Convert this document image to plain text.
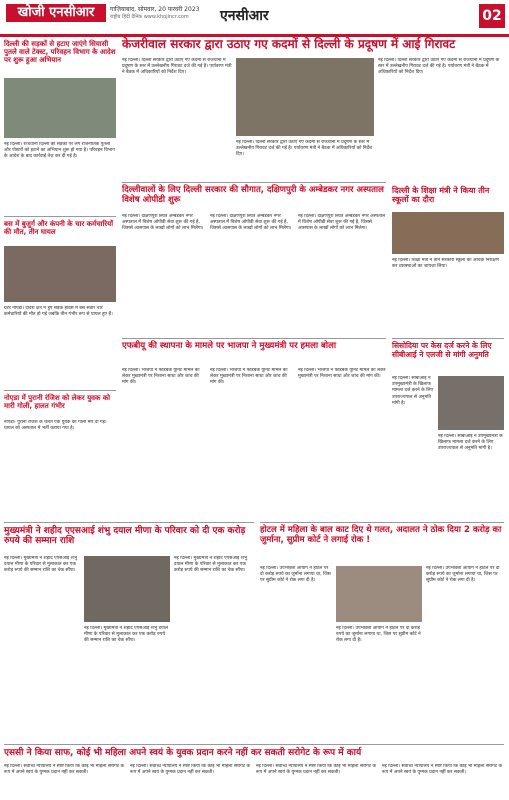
खोजी एनसीआर	गाज़ियाबाद, सोमवार, 20 फरवरी 2023
राष्ट्रीय हिंदी दैनिक www.khojincr.com एनसीआर	02
दिल्ली की सड़कों से हटाए जाएंगे सियासी पुतले वाले टेक्स्ट, परिवहन विभाग के आदेश पर शुरू हुआ अभियान
नई दिल्ली। राजधानी दिल्ली की सड़कों पर लगे राजनीतिक पुतलों और पोस्टरों को हटाने का अभियान शुरू हो गया है। परिवहन विभाग के आदेश के बाद कार्रवाई तेज़ कर दी गई है।
केजरीवाल सरकार द्वारा उठाए गए कदमों से दिल्ली के प्रदूषण में आई गिरावट
नई दिल्ली। दिल्ली सरकार द्वारा उठाए गए कदमों से राजधानी में प्रदूषण के स्तर में उल्लेखनीय गिरावट दर्ज की गई है। पर्यावरण मंत्री ने बैठक में अधिकारियों को निर्देश दिए।
नई दिल्ली। दिल्ली सरकार द्वारा उठाए गए कदमों से राजधानी में प्रदूषण के स्तर में उल्लेखनीय गिरावट दर्ज की गई है। पर्यावरण मंत्री ने बैठक में अधिकारियों को निर्देश दिए।
नई दिल्ली। दिल्ली सरकार द्वारा उठाए गए कदमों से राजधानी में प्रदूषण के स्तर में उल्लेखनीय गिरावट दर्ज की गई है। पर्यावरण मंत्री ने बैठक में अधिकारियों को निर्देश दिए।
बस में बुजुर्ग और कंपनी के चार कर्मचारियों की मौत, तीन घायल
ग्रेटर नोएडा। दादरी क्षेत्र में हुए सड़क हादसे में बस सवार चार कर्मचारियों की मौत हो गई जबकि तीन गंभीर रूप से घायल हुए हैं।
दिल्लीवालों के लिए दिल्ली सरकार की सौगात, दक्षिणपुरी के अम्बेडकर नगर अस्पताल विशेष ओपीडी शुरू
नई दिल्ली। दक्षिणपुरी स्थित अम्बेडकर नगर अस्पताल में विशेष ओपीडी सेवा शुरू की गई है, जिससे आसपास के लाखों लोगों को लाभ मिलेगा।
नई दिल्ली। दक्षिणपुरी स्थित अम्बेडकर नगर अस्पताल में विशेष ओपीडी सेवा शुरू की गई है, जिससे आसपास के लाखों लोगों को लाभ मिलेगा।
नई दिल्ली। दक्षिणपुरी स्थित अम्बेडकर नगर अस्पताल में विशेष ओपीडी सेवा शुरू की गई है, जिससे आसपास के लाखों लोगों को लाभ मिलेगा।
दिल्ली के शिक्षा मंत्री ने किया तीन स्कूलों का दौरा
नई दिल्ली। शिक्षा मंत्री ने तीन सरकारी स्कूलों का औचक निरीक्षण कर व्यवस्थाओं का जायज़ा लिया।
एफबीयू की स्थापना के मामले पर भाजपा ने मुख्यमंत्री पर हमला बोला
नई दिल्ली। भाजपा ने फीडबैक यूनिट मामले को लेकर मुख्यमंत्री पर निशाना साधा और जांच की मांग की।
नई दिल्ली। भाजपा ने फीडबैक यूनिट मामले को लेकर मुख्यमंत्री पर निशाना साधा और जांच की मांग की।
नई दिल्ली। भाजपा ने फीडबैक यूनिट मामले को लेकर मुख्यमंत्री पर निशाना साधा और जांच की मांग की।
सिसोदिया पर केस दर्ज करने के लिए सीबीआई ने एलजी से मांगी अनुमति
नई दिल्ली। सीबीआई ने उपमुख्यमंत्री के खिलाफ मामला दर्ज करने के लिए उपराज्यपाल से अनुमति मांगी है।
नई दिल्ली। सीबीआई ने उपमुख्यमंत्री के खिलाफ मामला दर्ज करने के लिए उपराज्यपाल से अनुमति मांगी है।
नोएडा में पुरानी रंजिश को लेकर युवक को मारी गोली, हालत गंभीर
नोएडा। पुरानी रंजिश के चलते एक युवक को गोली मार दी गई। घायल को अस्पताल में भर्ती कराया गया है।
मुख्यमंत्री ने शहीद एएसआई शंभु दयाल मीणा के परिवार को दी एक करोड़ रुपये की सम्मान राशि
नई दिल्ली। मुख्यमंत्री ने शहीद एएसआई शंभु दयाल मीणा के परिवार से मुलाकात कर एक करोड़ रुपये की सम्मान राशि का चेक सौंपा।
नई दिल्ली। मुख्यमंत्री ने शहीद एएसआई शंभु दयाल मीणा के परिवार से मुलाकात कर एक करोड़ रुपये की सम्मान राशि का चेक सौंपा।
नई दिल्ली। मुख्यमंत्री ने शहीद एएसआई शंभु दयाल मीणा के परिवार से मुलाकात कर एक करोड़ रुपये की सम्मान राशि का चेक सौंपा।
होटल में महिला के बाल काट दिए थे गलत, अदालत ने ठोक दिया 2 करोड़ का जुर्माना, सुप्रीम कोर्ट ने लगाई रोक !
नई दिल्ली। उपभोक्ता आयोग ने होटल पर दो करोड़ रुपये का जुर्माना लगाया था, जिस पर सुप्रीम कोर्ट ने रोक लगा दी है।
नई दिल्ली। उपभोक्ता आयोग ने होटल पर दो करोड़ रुपये का जुर्माना लगाया था, जिस पर सुप्रीम कोर्ट ने रोक लगा दी है।
नई दिल्ली। उपभोक्ता आयोग ने होटल पर दो करोड़ रुपये का जुर्माना लगाया था, जिस पर सुप्रीम कोर्ट ने रोक लगा दी है।
एससी ने किया साफ, कोई भी महिला अपने स्वयं के युवक प्रदान करने नहीं कर सकती सरोगेट के रूप में कार्य
नई दिल्ली। सर्वोच्च न्यायालय ने स्पष्ट किया कि कोई भी महिला सरोगेट के रूप में अपने स्वयं के युग्मक प्रदान नहीं कर सकती।
नई दिल्ली। सर्वोच्च न्यायालय ने स्पष्ट किया कि कोई भी महिला सरोगेट के रूप में अपने स्वयं के युग्मक प्रदान नहीं कर सकती।
नई दिल्ली। सर्वोच्च न्यायालय ने स्पष्ट किया कि कोई भी महिला सरोगेट के रूप में अपने स्वयं के युग्मक प्रदान नहीं कर सकती।
नई दिल्ली। सर्वोच्च न्यायालय ने स्पष्ट किया कि कोई भी महिला सरोगेट के रूप में अपने स्वयं के युग्मक प्रदान नहीं कर सकती।
